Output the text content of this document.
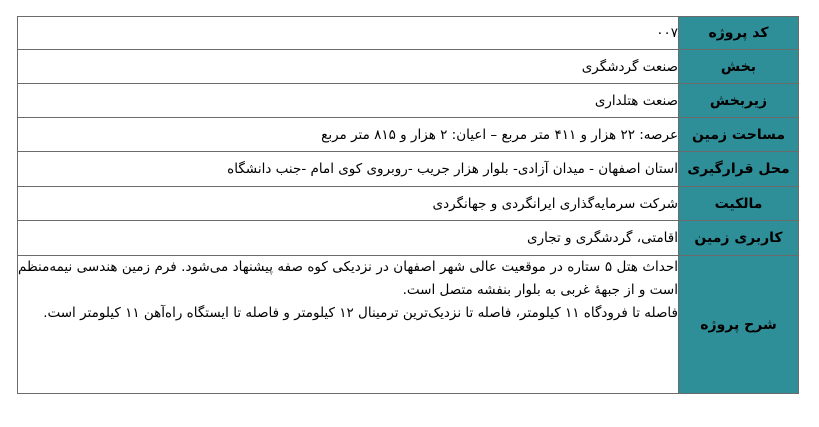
کد پروژه	۰۰۷
بخش	صنعت گردشگری
زیربخش	صنعت هتلداری
مساحت زمین	عرصه: ۲۲ هزار و ۴۱۱ متر مربع – اعیان: ۲ هزار و ۸۱۵ متر مربع
محل قرارگیری	استان اصفهان - میدان آزادی- بلوار هزار جریب -روبروی کوی امام -جنب دانشگاه
مالکیت	شرکت سرمایه‌گذاری ایرانگردی و جهانگردی
کاربری زمین	اقامتی، گردشگری و تجاری
شرح پروژه	احداث هتل ۵ ستاره در موقعیت عالی شهر اصفهان در نزدیکی کوه صفه پیشنهاد می‌شود. فرم زمین هندسی نیمه‌منظم است و از جبههٔ غربی به بلوار بنفشه متصل است.

فاصله تا فرودگاه ۱۱ کیلومتر، فاصله تا نزدیک‌ترین ترمینال ۱۲ کیلومتر و فاصله تا ایستگاه راه‌آهن ۱۱ کیلومتر است.
